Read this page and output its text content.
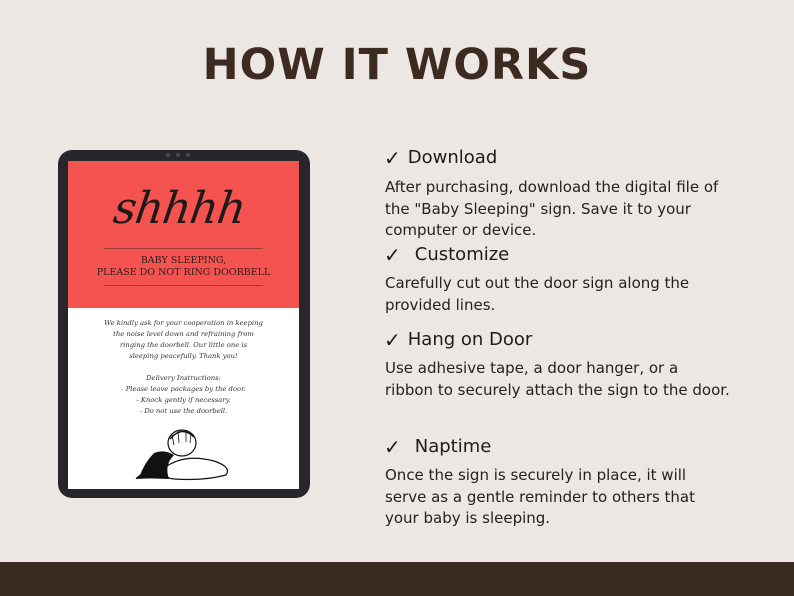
HOW IT WORKS
shhhh
BABY SLEEPING,
PLEASE DO NOT RING DOORBELL

We kindly ask for your cooperation in keeping

the noise level down and refraining from

ringing the doorbell. Our little one is

sleeping peacefully. Thank you!

Delivery Instructions:

- Please leave packages by the door.

- Knock gently if necessary.

- Do not use the doorbell.

✓ Download
After purchasing, download the digital file of the "Baby Sleeping" sign. Save it to your computer or device.
✓ Customize
Carefully cut out the door sign along the provided lines.
✓ Hang on Door
Use adhesive tape, a door hanger, or a ribbon to securely attach the sign to the door.
✓ Naptime
Once the sign is securely in place, it will serve as a gentle reminder to others that your baby is sleeping.
